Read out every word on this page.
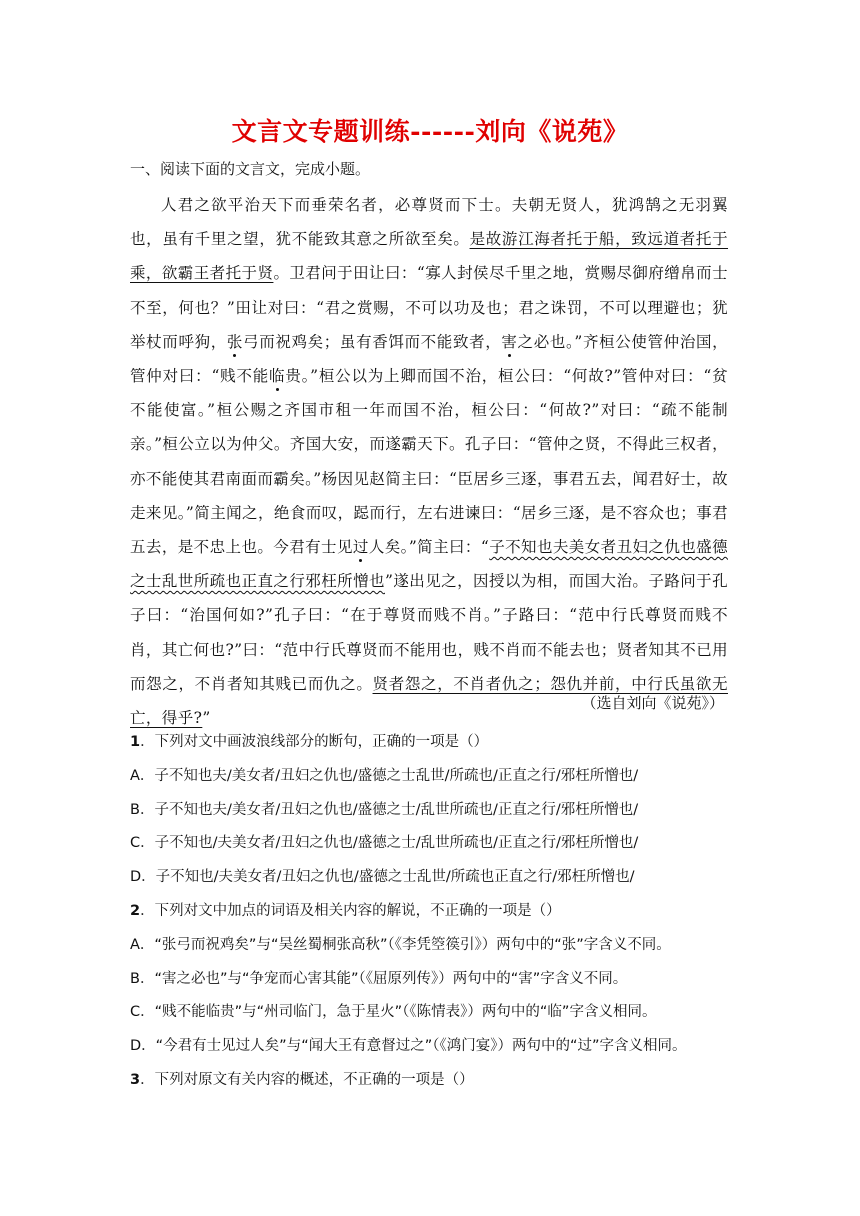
文言文专题训练------刘向《说苑》
一、阅读下面的文言文，完成小题。
人君之欲平治天下而垂荣名者，必尊贤而下士。夫朝无贤人，犹鸿鹄之无羽翼也，虽有千里之望，犹不能致其意之所欲至矣。是故游江海者托于船，致远道者托于乘，欲霸王者托于贤。卫君问于田让曰：“寡人封侯尽千里之地，赏赐尽御府缯帛而士不至，何也？”田让对曰：“君之赏赐，不可以功及也；君之诛罚，不可以理避也；犹举杖而呼狗，张弓而祝鸡矣；虽有香饵而不能致者，害之必也。”齐桓公使管仲治国，管仲对曰：“贱不能临贵。”桓公以为上卿而国不治，桓公曰：“何故?”管仲对曰：“贫不能使富。”桓公赐之齐国市租一年而国不治，桓公曰：“何故?”对曰：“疏不能制亲。”桓公立以为仲父。齐国大安，而遂霸天下。孔子曰：“管仲之贤，不得此三权者，亦不能使其君南面而霸矣。”杨因见赵简主曰：“臣居乡三逐，事君五去，闻君好士，故走来见。”简主闻之，绝食而叹，跽而行，左右进谏曰：“居乡三逐，是不容众也；事君五去，是不忠上也。今君有士见过人矣。”简主曰：“子不知也夫美女者丑妇之仇也盛德之士乱世所疏也正直之行邪枉所憎也”遂出见之，因授以为相，而国大治。子路问于孔子曰：“治国何如?”孔子曰：“在于尊贤而贱不肖。”子路曰：“范中行氏尊贤而贱不肖，其亡何也?”曰：“范中行氏尊贤而不能用也，贱不肖而不能去也；贤者知其不已用而怨之，不肖者知其贱已而仇之。贤者怨之，不肖者仇之；怨仇并前，中行氏虽欲无亡，得乎?”
（选自刘向《说苑》）
1．下列对文中画波浪线部分的断句，正确的一项是（）
A．子不知也夫/美女者/丑妇之仇也/盛德之士乱世/所疏也/正直之行/邪枉所憎也/
B．子不知也夫/美女者/丑妇之仇也/盛德之士/乱世所疏也/正直之行/邪枉所憎也/
C．子不知也/夫美女者/丑妇之仇也/盛德之士/乱世所疏也/正直之行/邪枉所憎也/
D．子不知也/夫美女者/丑妇之仇也/盛德之士乱世/所疏也正直之行/邪枉所憎也/
2．下列对文中加点的词语及相关内容的解说，不正确的一项是（）
A．“张弓而祝鸡矣”与“吴丝蜀桐张高秋”（《李凭箜篌引》）两句中的“张”字含义不同。
B．“害之必也”与“争宠而心害其能”（《屈原列传》）两句中的“害”字含义不同。
C．“贱不能临贵”与“州司临门，急于星火”（《陈情表》）两句中的“临”字含义相同。
D．“今君有士见过人矣”与“闻大王有意督过之”（《鸿门宴》）两句中的“过”字含义相同。
3．下列对原文有关内容的概述，不正确的一项是（）
